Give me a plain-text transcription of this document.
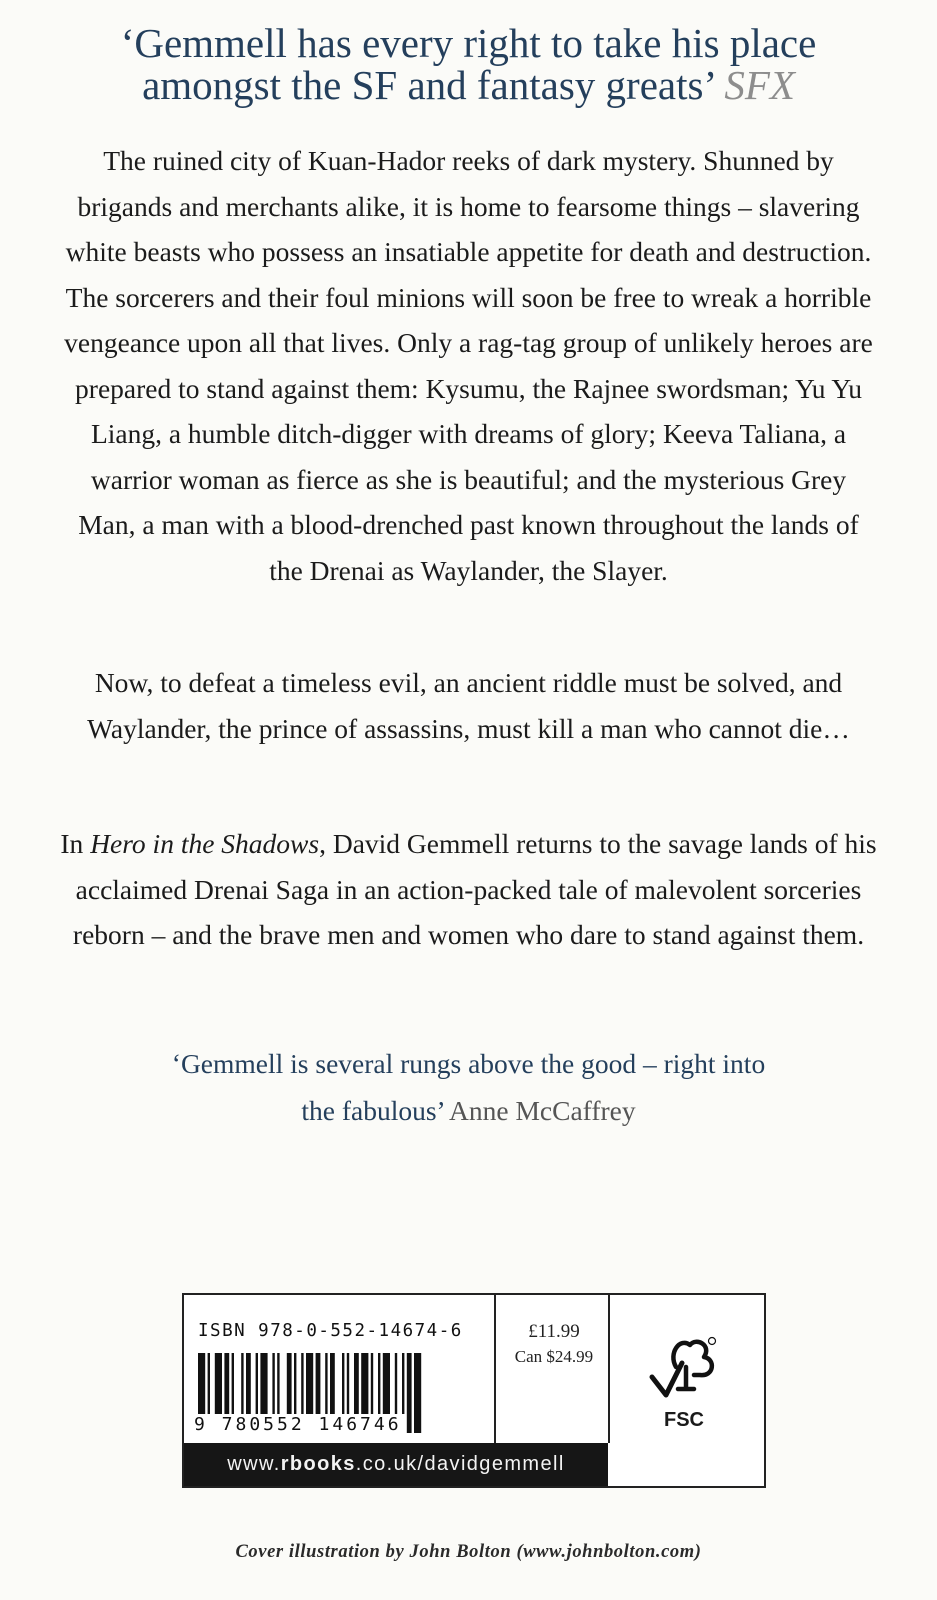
‘Gemmell has every right to take his place
amongst the SF and fantasy greats’ SFX

The ruined city of Kuan-Hador reeks of dark mystery. Shunned by brigands and merchants alike, it is home to fearsome things – slavering white beasts who possess an insatiable appetite for death and destruction. The sorcerers and their foul minions will soon be free to wreak a horrible vengeance upon all that lives. Only a rag-tag group of unlikely heroes are prepared to stand against them: Kysumu, the Rajnee swordsman; Yu Yu Liang, a humble ditch-digger with dreams of glory; Keeva Taliana, a warrior woman as fierce as she is beautiful; and the mysterious Grey Man, a man with a blood-drenched past known throughout the lands of the Drenai as Waylander, the Slayer.

Now, to defeat a timeless evil, an ancient riddle must be solved, and Waylander, the prince of assassins, must kill a man who cannot die…

In Hero in the Shadows, David Gemmell returns to the savage lands of his acclaimed Drenai Saga in an action-packed tale of malevolent sorceries reborn – and the brave men and women who dare to stand against them.

‘Gemmell is several rungs above the good – right into
the fabulous’ Anne McCaffrey
ISBN 978-0-552-14674-6
9 780552 146746
£11.99
Can $24.99
FSC
www.rbooks.co.uk/davidgemmell
Cover illustration by John Bolton (www.johnbolton.com)
